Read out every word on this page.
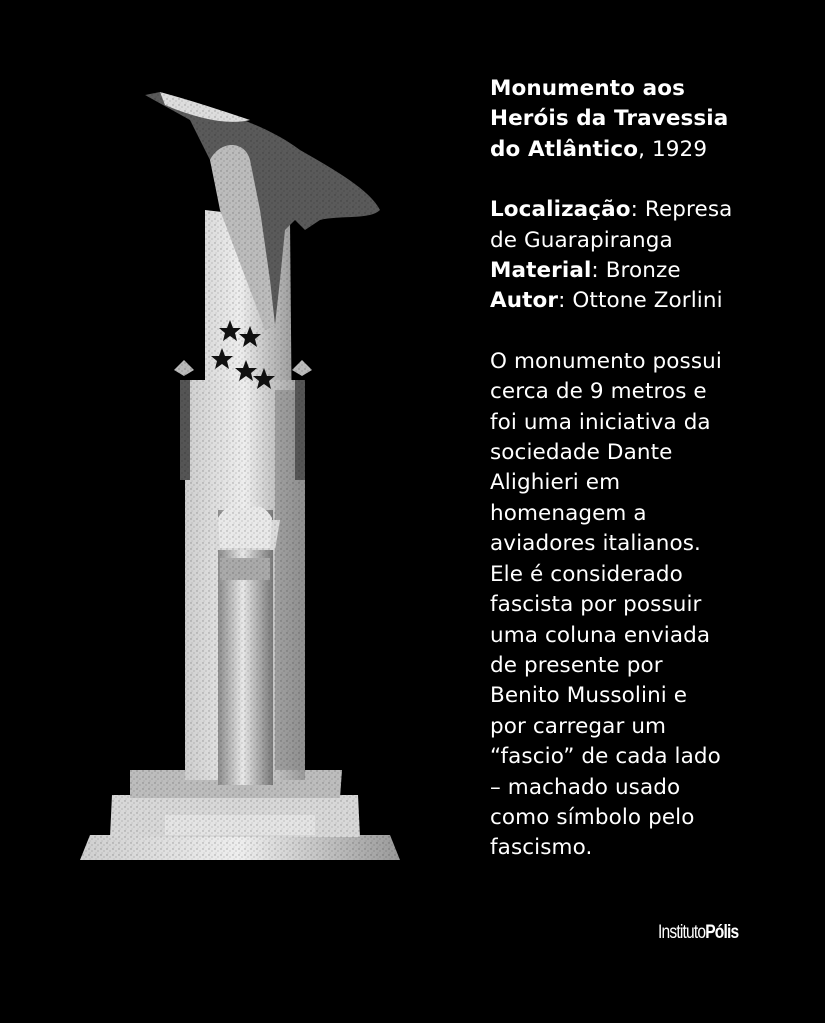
Monumento aos
Heróis da Travessia
do Atlântico, 1929
Localização: Represa
de Guarapiranga
Material: Bronze
Autor: Ottone Zorlini
O monumento possui
cerca de 9 metros e
foi uma iniciativa da
sociedade Dante
Alighieri em
homenagem a
aviadores italianos.
Ele é considerado
fascista por possuir
uma coluna enviada
de presente por
Benito Mussolini e
por carregar um
“fascio” de cada lado
– machado usado
como símbolo pelo
fascismo.
InstitutoPólis
